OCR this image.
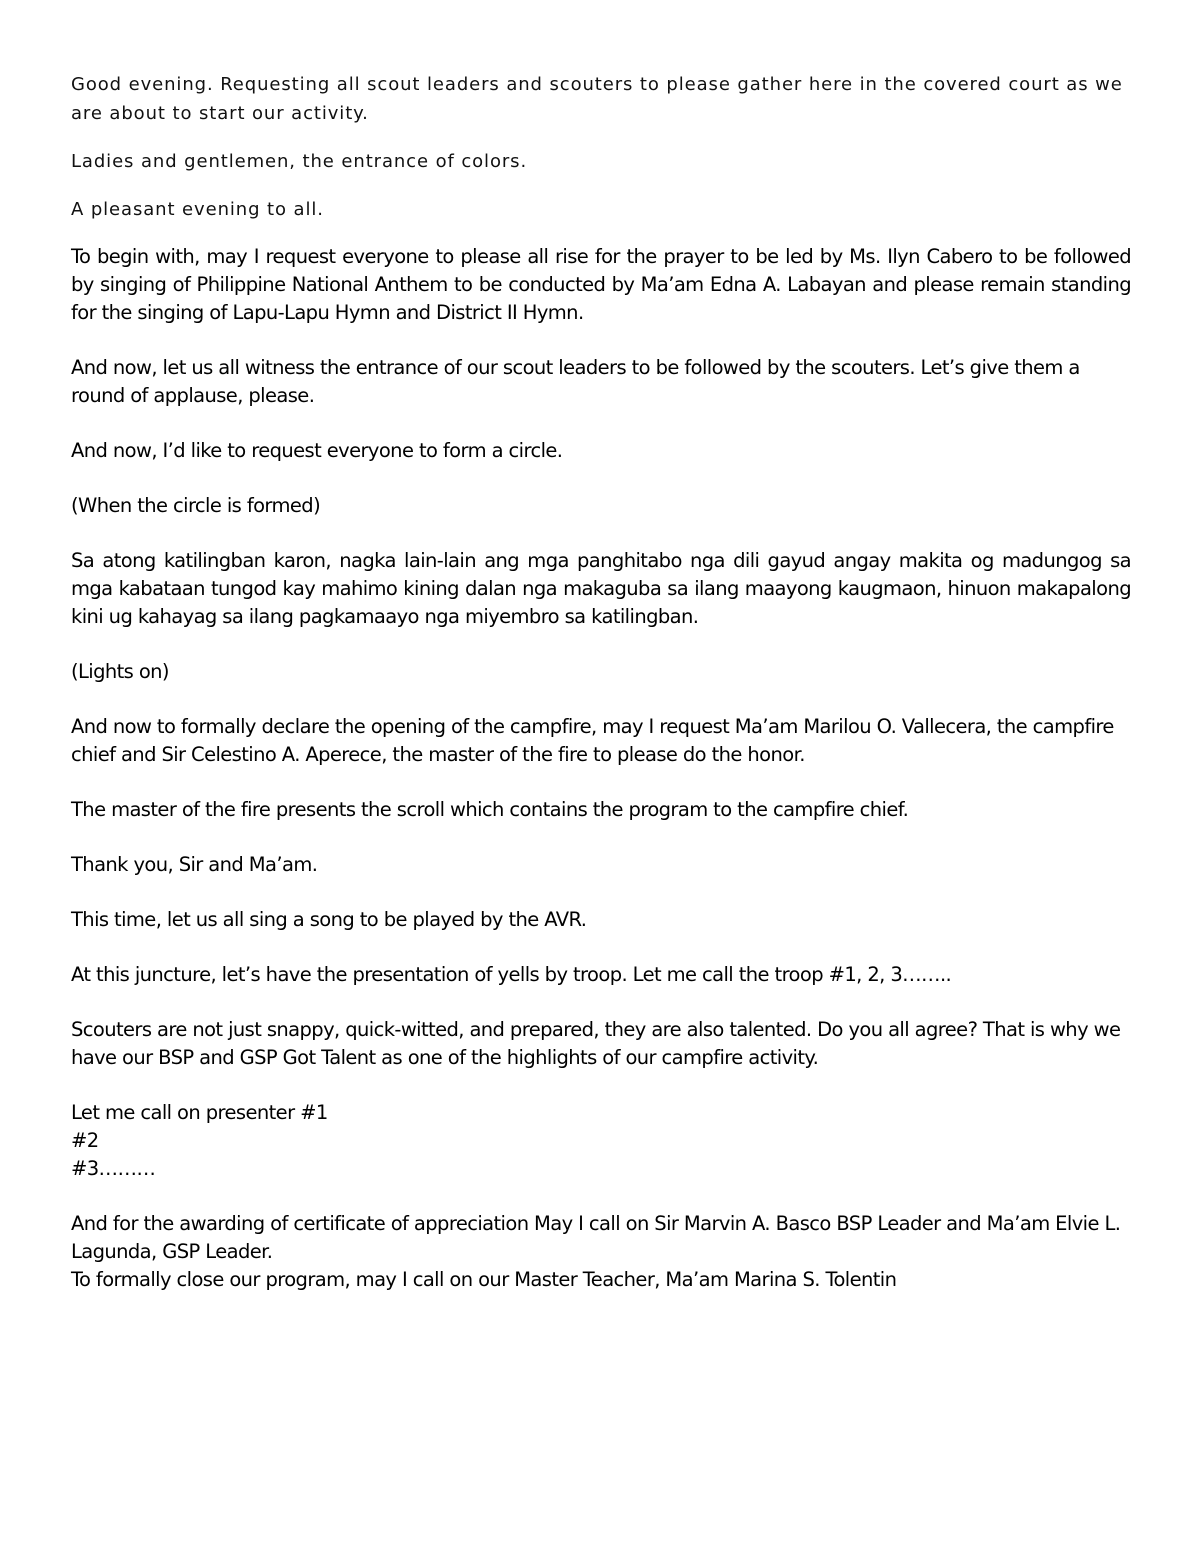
Good evening. Requesting all scout leaders and scouters to please gather here in the covered court as we are about to start our activity.

Ladies and gentlemen, the entrance of colors.

A pleasant evening to all.

To begin with, may I request everyone to please all rise for the prayer to be led by Ms. Ilyn Cabero to be followed by singing of Philippine National Anthem to be conducted by Ma’am Edna A. Labayan and please remain standing for the singing of Lapu-Lapu Hymn and District II Hymn.

And now, let us all witness the entrance of our scout leaders to be followed by the scouters. Let’s give them a round of applause, please.

And now, I’d like to request everyone to form a circle.

(When the circle is formed)

Sa atong katilingban karon, nagka lain-lain ang mga panghitabo nga dili gayud angay makita og madungog sa mga kabataan tungod kay mahimo kining dalan nga makaguba sa ilang maayong kaugmaon, hinuon makapalong kini ug kahayag sa ilang pagkamaayo nga miyembro sa katilingban.

(Lights on)

And now to formally declare the opening of the campfire, may I request Ma’am Marilou O. Vallecera, the campfire chief and Sir Celestino A. Aperece, the master of the fire to please do the honor.

The master of the fire presents the scroll which contains the program to the campfire chief.

Thank you, Sir and Ma’am.

This time, let us all sing a song to be played by the AVR.

At this juncture, let’s have the presentation of yells by troop. Let me call the troop #1, 2, 3……..

Scouters are not just snappy, quick-witted, and prepared, they are also talented. Do you all agree? That is why we have our BSP and GSP Got Talent as one of the highlights of our campfire activity.

Let me call on presenter #1
#2
#3………

And for the awarding of certificate of appreciation May I call on Sir Marvin A. Basco BSP Leader and Ma’am Elvie L. Lagunda, GSP Leader.

To formally close our program, may I call on our Master Teacher, Ma’am Marina S. Tolentin
